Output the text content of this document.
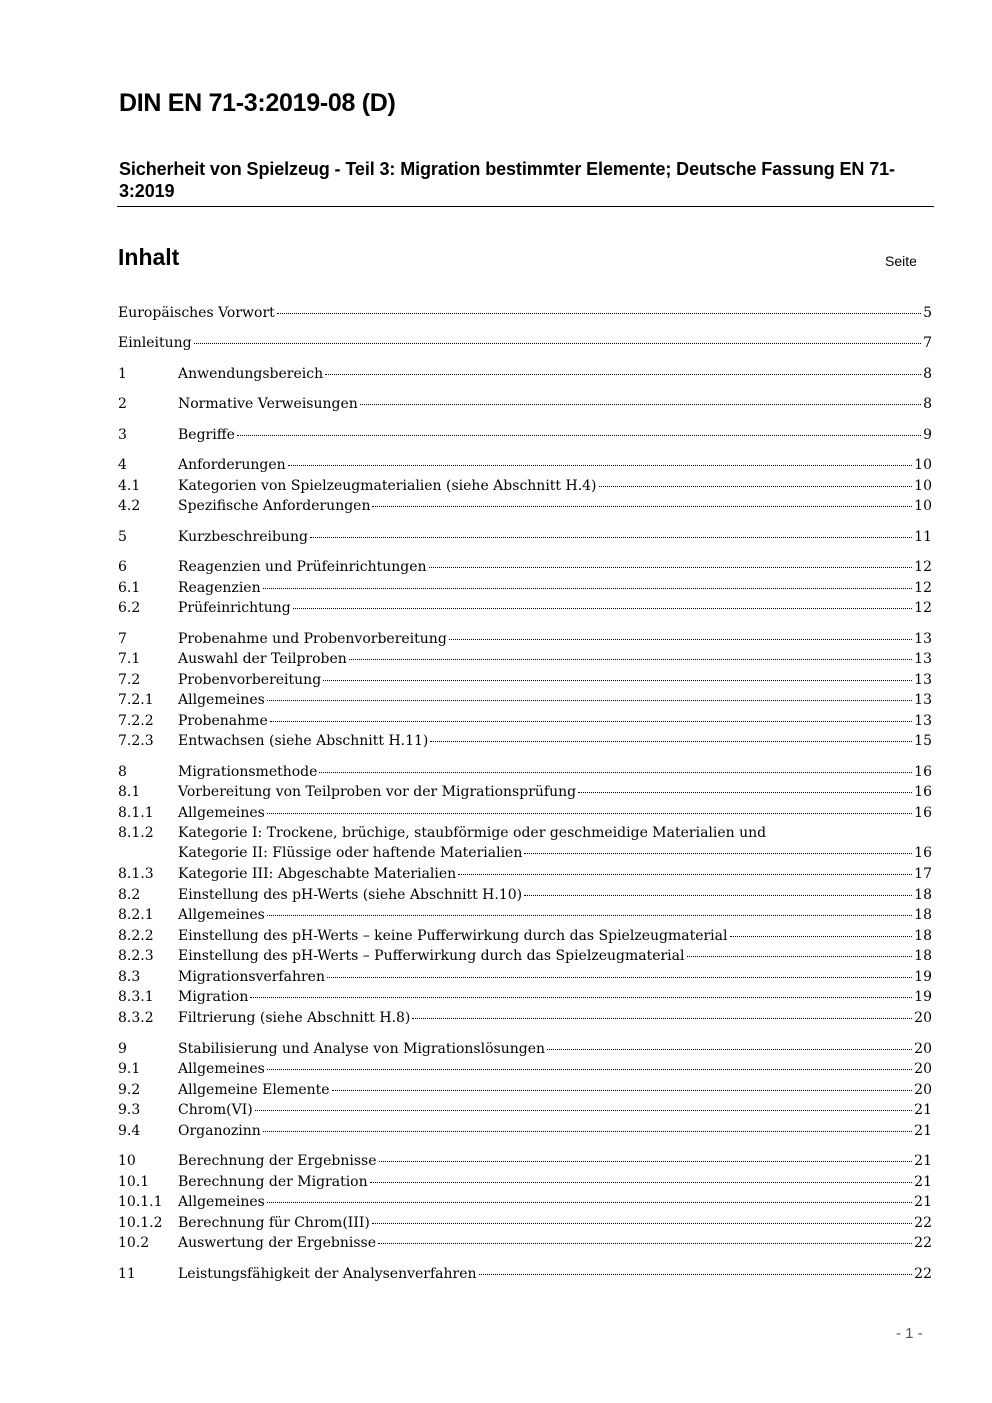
DIN EN 71-3:2019-08 (D)
Sicherheit von Spielzeug - Teil 3: Migration bestimmter Elemente; Deutsche Fassung EN 71-3:2019
Inhalt	Seite
Europäisches Vorwort	5
Einleitung	7
1	Anwendungsbereich	8
2	Normative Verweisungen	8
3	Begriffe	9
4	Anforderungen	10
4.1	Kategorien von Spielzeugmaterialien (siehe Abschnitt H.4)	10
4.2	Spezifische Anforderungen	10
5	Kurzbeschreibung	11
6	Reagenzien und Prüfeinrichtungen	12
6.1	Reagenzien	12
6.2	Prüfeinrichtung	12
7	Probenahme und Probenvorbereitung	13
7.1	Auswahl der Teilproben	13
7.2	Probenvorbereitung	13
7.2.1	Allgemeines	13
7.2.2	Probenahme	13
7.2.3	Entwachsen (siehe Abschnitt H.11)	15
8	Migrationsmethode	16
8.1	Vorbereitung von Teilproben vor der Migrationsprüfung	16
8.1.1	Allgemeines	16
8.1.2	Kategorie I: Trockene, brüchige, staubförmige oder geschmeidige Materialien und
Kategorie II: Flüssige oder haftende Materialien	16
8.1.3	Kategorie III: Abgeschabte Materialien	17
8.2	Einstellung des pH-Werts (siehe Abschnitt H.10)	18
8.2.1	Allgemeines	18
8.2.2	Einstellung des pH-Werts – keine Pufferwirkung durch das Spielzeugmaterial	18
8.2.3	Einstellung des pH-Werts – Pufferwirkung durch das Spielzeugmaterial	18
8.3	Migrationsverfahren	19
8.3.1	Migration	19
8.3.2	Filtrierung (siehe Abschnitt H.8)	20
9	Stabilisierung und Analyse von Migrationslösungen	20
9.1	Allgemeines	20
9.2	Allgemeine Elemente	20
9.3	Chrom(VI)	21
9.4	Organozinn	21
10	Berechnung der Ergebnisse	21
10.1	Berechnung der Migration	21
10.1.1	Allgemeines	21
10.1.2	Berechnung für Chrom(III)	22
10.2	Auswertung der Ergebnisse	22
11	Leistungsfähigkeit der Analysenverfahren	22
- 1 -
